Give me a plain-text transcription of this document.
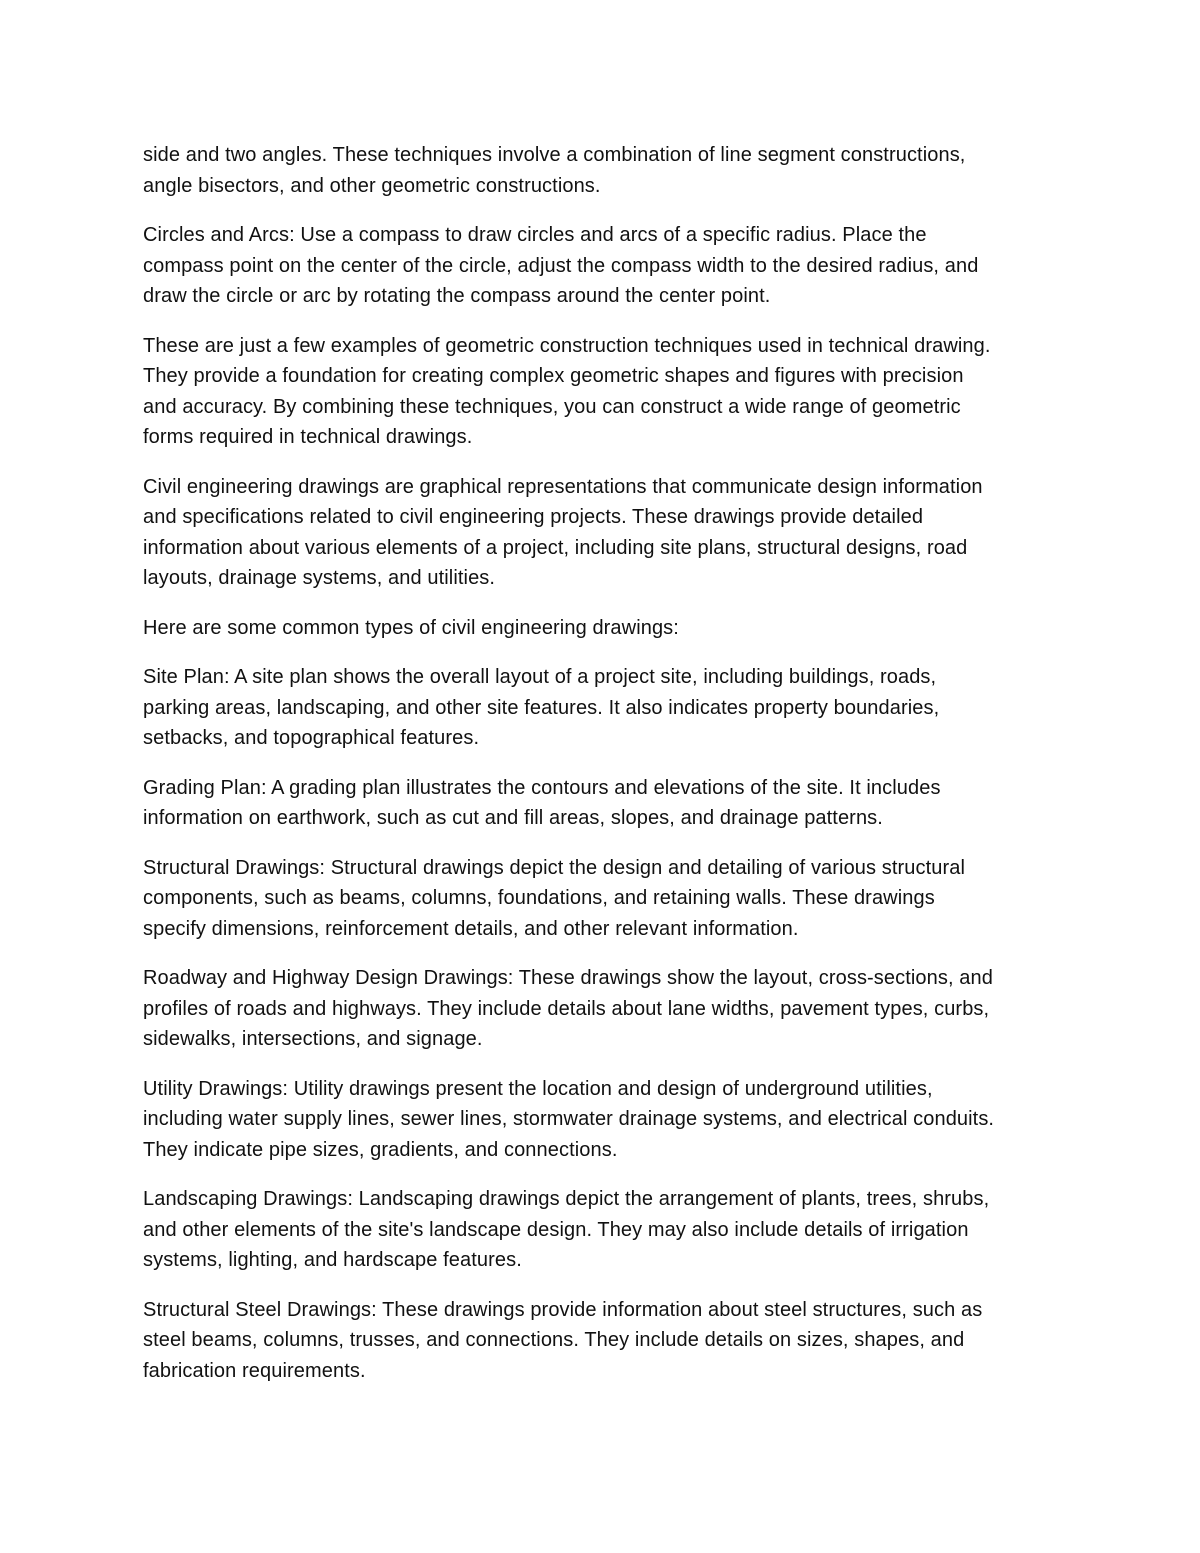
side and two angles. These techniques involve a combination of line segment constructions,
angle bisectors, and other geometric constructions.

Circles and Arcs: Use a compass to draw circles and arcs of a specific radius. Place the
compass point on the center of the circle, adjust the compass width to the desired radius, and
draw the circle or arc by rotating the compass around the center point.

These are just a few examples of geometric construction techniques used in technical drawing.
They provide a foundation for creating complex geometric shapes and figures with precision
and accuracy. By combining these techniques, you can construct a wide range of geometric
forms required in technical drawings.

Civil engineering drawings are graphical representations that communicate design information
and specifications related to civil engineering projects. These drawings provide detailed
information about various elements of a project, including site plans, structural designs, road
layouts, drainage systems, and utilities.

Here are some common types of civil engineering drawings:

Site Plan: A site plan shows the overall layout of a project site, including buildings, roads,
parking areas, landscaping, and other site features. It also indicates property boundaries,
setbacks, and topographical features.

Grading Plan: A grading plan illustrates the contours and elevations of the site. It includes
information on earthwork, such as cut and fill areas, slopes, and drainage patterns.

Structural Drawings: Structural drawings depict the design and detailing of various structural
components, such as beams, columns, foundations, and retaining walls. These drawings
specify dimensions, reinforcement details, and other relevant information.

Roadway and Highway Design Drawings: These drawings show the layout, cross-sections, and
profiles of roads and highways. They include details about lane widths, pavement types, curbs,
sidewalks, intersections, and signage.

Utility Drawings: Utility drawings present the location and design of underground utilities,
including water supply lines, sewer lines, stormwater drainage systems, and electrical conduits.
They indicate pipe sizes, gradients, and connections.

Landscaping Drawings: Landscaping drawings depict the arrangement of plants, trees, shrubs,
and other elements of the site's landscape design. They may also include details of irrigation
systems, lighting, and hardscape features.

Structural Steel Drawings: These drawings provide information about steel structures, such as
steel beams, columns, trusses, and connections. They include details on sizes, shapes, and
fabrication requirements.
